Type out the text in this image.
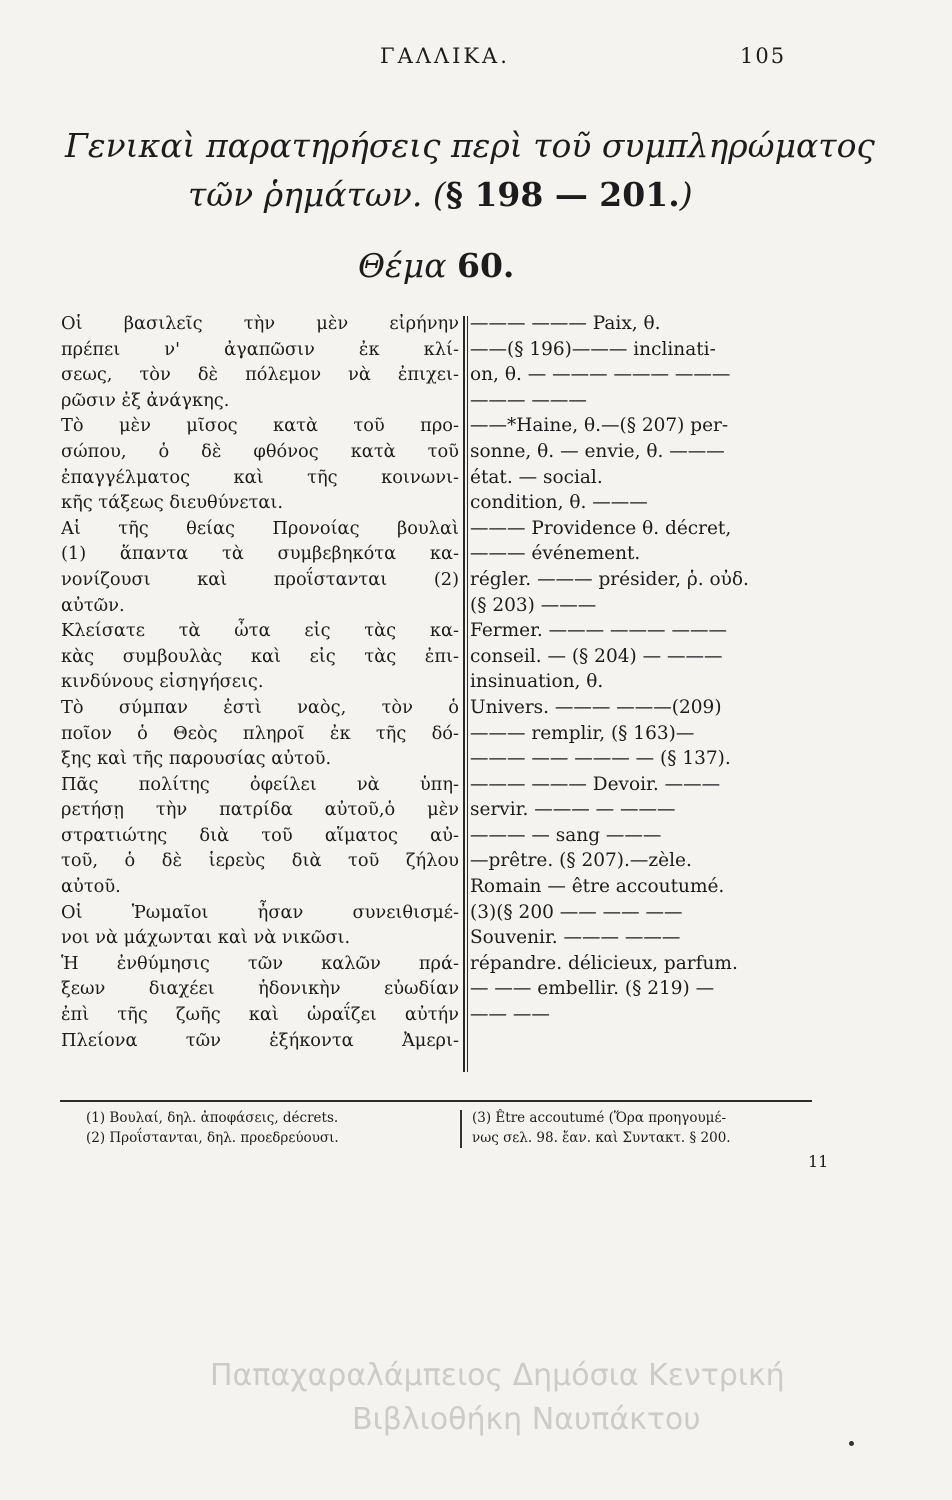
ΓΑΛΛΙΚΑ.	105
Γενικαὶ παρατηρήσεις περὶ τοῦ συμπληρώματος
τῶν ῥημάτων. (§ 198 — 201.)
Θέμα 60.
Οἱ βασιλεῖς τὴν μὲν εἰρήνην
πρέπει ν' ἀγαπῶσιν ἐκ κλί-
σεως, τὸν δὲ πόλεμον νὰ ἐπιχει-
ρῶσιν ἐξ ἀνάγκης.
Τὸ μὲν μῖσος κατὰ τοῦ προ-
σώπου, ὁ δὲ φθόνος κατὰ τοῦ
ἐπαγγέλματος καὶ τῆς κοινωνι-
κῆς τάξεως διευθύνεται.
Αἱ τῆς θείας Προνοίας βουλαὶ
(1) ἅπαντα τὰ συμβεβηκότα κα-
νονίζουσι καὶ προΐστανται (2)
αὐτῶν.
Κλείσατε τὰ ὦτα εἰς τὰς κα-
κὰς συμβουλὰς καὶ εἰς τὰς ἐπι-
κινδύνους εἰσηγήσεις.
Τὸ σύμπαν ἐστὶ ναὸς, τὸν ὁ
ποῖον ὁ Θεὸς πληροῖ ἐκ τῆς δό-
ξης καὶ τῆς παρουσίας αὐτοῦ.
Πᾶς πολίτης ὀφείλει νὰ ὑπη-
ρετήσῃ τὴν πατρίδα αὐτοῦ,ὁ μὲν
στρατιώτης διὰ τοῦ αἵματος αὐ-
τοῦ, ὁ δὲ ἱερεὺς διὰ τοῦ ζήλου
αὐτοῦ.
Οἱ Ῥωμαῖοι ἦσαν συνειθισμέ-
νοι νὰ μάχωνται καὶ νὰ νικῶσι.
Ἡ ἐνθύμησις τῶν καλῶν πρά-
ξεων διαχέει ἡδονικὴν εὐωδίαν
ἐπὶ τῆς ζωῆς καὶ ὡραΐζει αὐτήν
Πλείονα τῶν ἑξήκοντα Ἀμερι-
——— ——— Paix, θ.
——(§ 196)——— inclinati-
on, θ. — ——— ——— ———
——— ———
——*Haine, θ.—(§ 207) per-
sonne, θ. — envie, θ. ———
état. — social.
condition, θ. ———
——— Providence θ. décret,
——— événement.
régler. ——— présider, ῥ. οὐδ.
(§ 203) ———
Fermer. ——— ——— ———
conseil. — (§ 204) — ———
insinuation, θ.
Univers. ——— ———(209)
——— remplir, (§ 163)—
——— —— ——— — (§ 137).
——— ——— Devoir. ———
servir. ——— — ———
——— — sang ———
—prêtre. (§ 207).—zèle.
Romain — être accoutumé.
(3)(§ 200 —— —— ——
Souvenir. ——— ———
répandre. délicieux, parfum.
— —— embellir. (§ 219) —
—— ——
(1) Βουλαί, δηλ. ἀποφάσεις, décrets.
(2) Προΐστανται, δηλ. προεδρεύουσι.
(3) Être accoutumé (Ὅρα προηγουμέ-
νως σελ. 98. ἔαν. καὶ Συντακτ. § 200.
11
Παπαχαραλάμπειος Δημόσια Κεντρική
Βιβλιοθήκη Ναυπάκτου
